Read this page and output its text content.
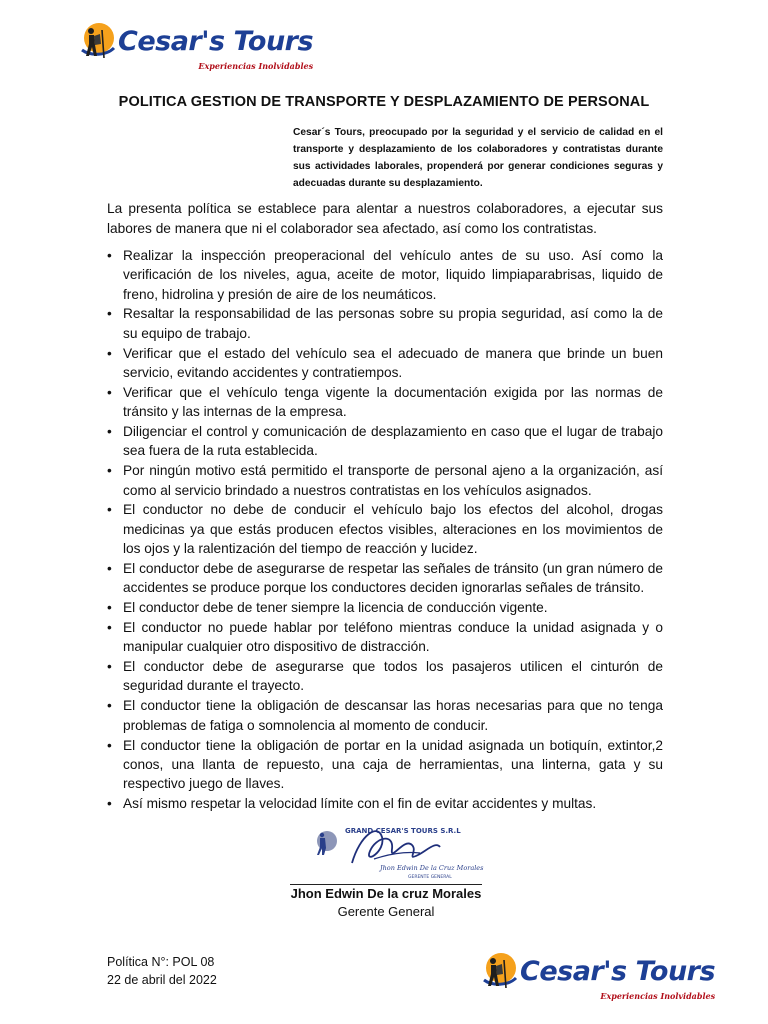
Cesar's Tours
Experiencias Inolvidables
POLITICA GESTION DE TRANSPORTE Y DESPLAZAMIENTO DE PERSONAL
Cesar´s Tours, preocupado por la seguridad y el servicio de calidad en el transporte y desplazamiento de los colaboradores y contratistas durante sus actividades laborales, propenderá por generar condiciones seguras y adecuadas durante su desplazamiento.
La presenta política se establece para alentar a nuestros colaboradores, a ejecutar sus labores de manera que ni el colaborador sea afectado, así como los contratistas.
• Realizar la inspección preoperacional del vehículo antes de su uso. Así como la verificación de los niveles, agua, aceite de motor, liquido limpiaparabrisas, liquido de freno, hidrolina y presión de aire de los neumáticos.
• Resaltar la responsabilidad de las personas sobre su propia seguridad, así como la de su equipo de trabajo.
• Verificar que el estado del vehículo sea el adecuado de manera que brinde un buen servicio, evitando accidentes y contratiempos.
• Verificar que el vehículo tenga vigente la documentación exigida por las normas de tránsito y las internas de la empresa.
• Diligenciar el control y comunicación de desplazamiento en caso que el lugar de trabajo sea fuera de la ruta establecida.
• Por ningún motivo está permitido el transporte de personal ajeno a la organización, así como al servicio brindado a nuestros contratistas en los vehículos asignados.
• El conductor no debe de conducir el vehículo bajo los efectos del alcohol, drogas medicinas ya que estás producen efectos visibles, alteraciones en los movimientos de los ojos y la ralentización del tiempo de reacción y lucidez.
• El conductor debe de asegurarse de respetar las señales de tránsito (un gran número de accidentes se produce porque los conductores deciden ignorarlas señales de tránsito.
• El conductor debe de tener siempre la licencia de conducción vigente.
• El conductor no puede hablar por teléfono mientras conduce la unidad asignada y o manipular cualquier otro dispositivo de distracción.
• El conductor debe de asegurarse que todos los pasajeros utilicen el cinturón de seguridad durante el trayecto.
• El conductor tiene la obligación de descansar las horas necesarias para que no tenga problemas de fatiga o somnolencia al momento de conducir.
• El conductor tiene la obligación de portar en la unidad asignada un botiquín, extintor,2 conos, una llanta de repuesto, una caja de herramientas, una linterna, gata y su respectivo juego de llaves.
• Así mismo respetar la velocidad límite con el fin de evitar accidentes y multas.
GRAND CESAR'S TOURS S.R.L
Jhon Edwin De la Cruz Morales
GERENTE GENERAL
Jhon Edwin De la cruz Morales
Gerente General
Política N°: POL 08
22 de abril del 2022	Cesar's Tours
Experiencias Inolvidables
